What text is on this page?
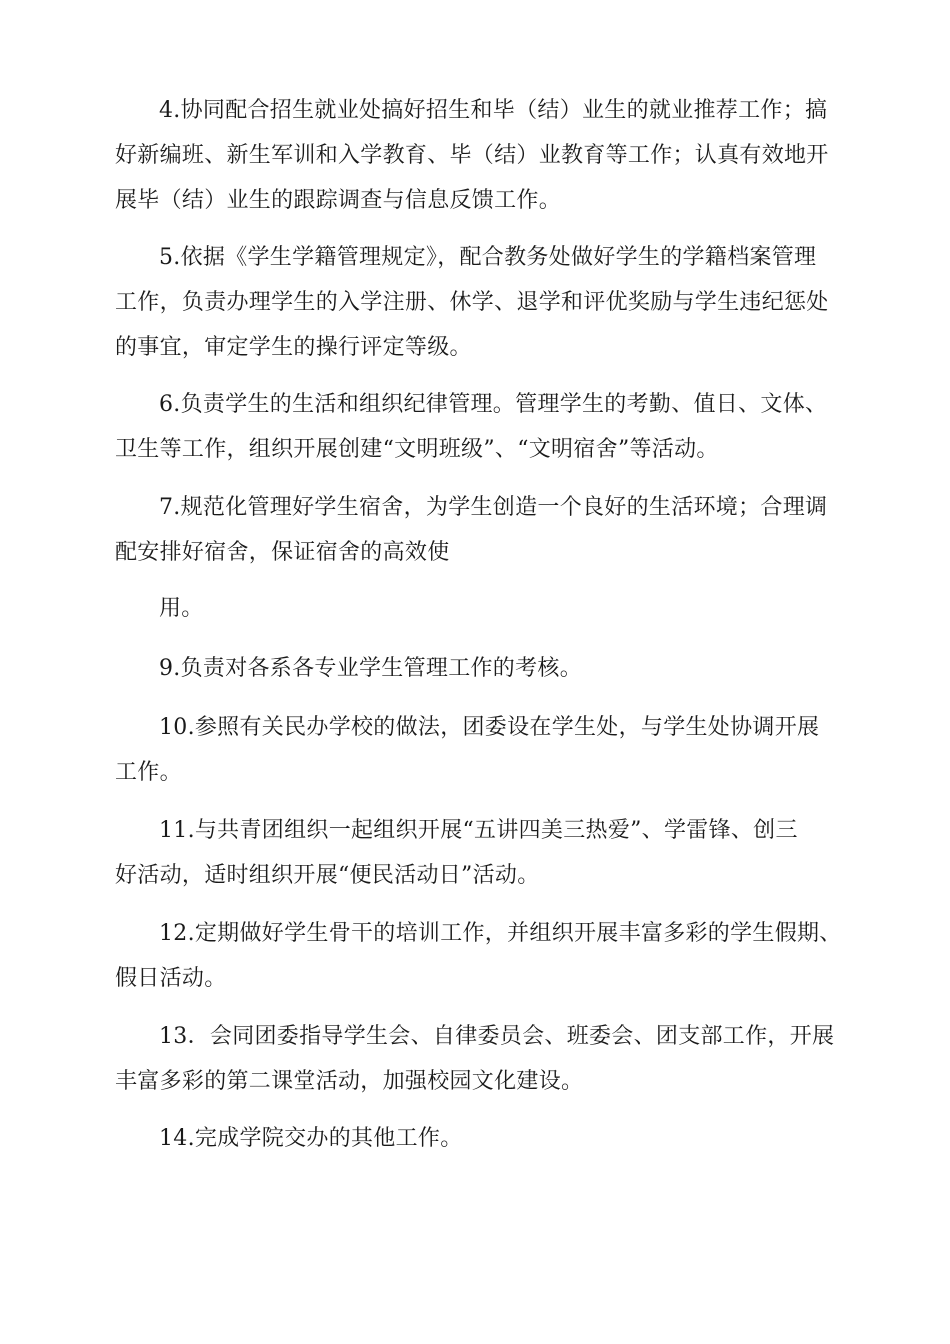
4.协同配合招生就业处搞好招生和毕（结）业生的就业推荐工作；搞
好新编班、新生军训和入学教育、毕（结）业教育等工作；认真有效地开
展毕（结）业生的跟踪调查与信息反馈工作。

5.依据《学生学籍管理规定》，配合教务处做好学生的学籍档案管理
工作，负责办理学生的入学注册、休学、退学和评优奖励与学生违纪惩处
的事宜，审定学生的操行评定等级。

6.负责学生的生活和组织纪律管理。管理学生的考勤、值日、文体、
卫生等工作，组织开展创建“文明班级”、“文明宿舍”等活动。

7.规范化管理好学生宿舍，为学生创造一个良好的生活环境；合理调
配安排好宿舍，保证宿舍的高效使

用。

9.负责对各系各专业学生管理工作的考核。

10.参照有关民办学校的做法，团委设在学生处，与学生处协调开展
工作。

11.与共青团组织一起组织开展“五讲四美三热爱”、学雷锋、创三
好活动，适时组织开展“便民活动日”活动。

12.定期做好学生骨干的培训工作，并组织开展丰富多彩的学生假期、
假日活动。

13．会同团委指导学生会、自律委员会、班委会、团支部工作，开展
丰富多彩的第二课堂活动，加强校园文化建设。

14.完成学院交办的其他工作。
